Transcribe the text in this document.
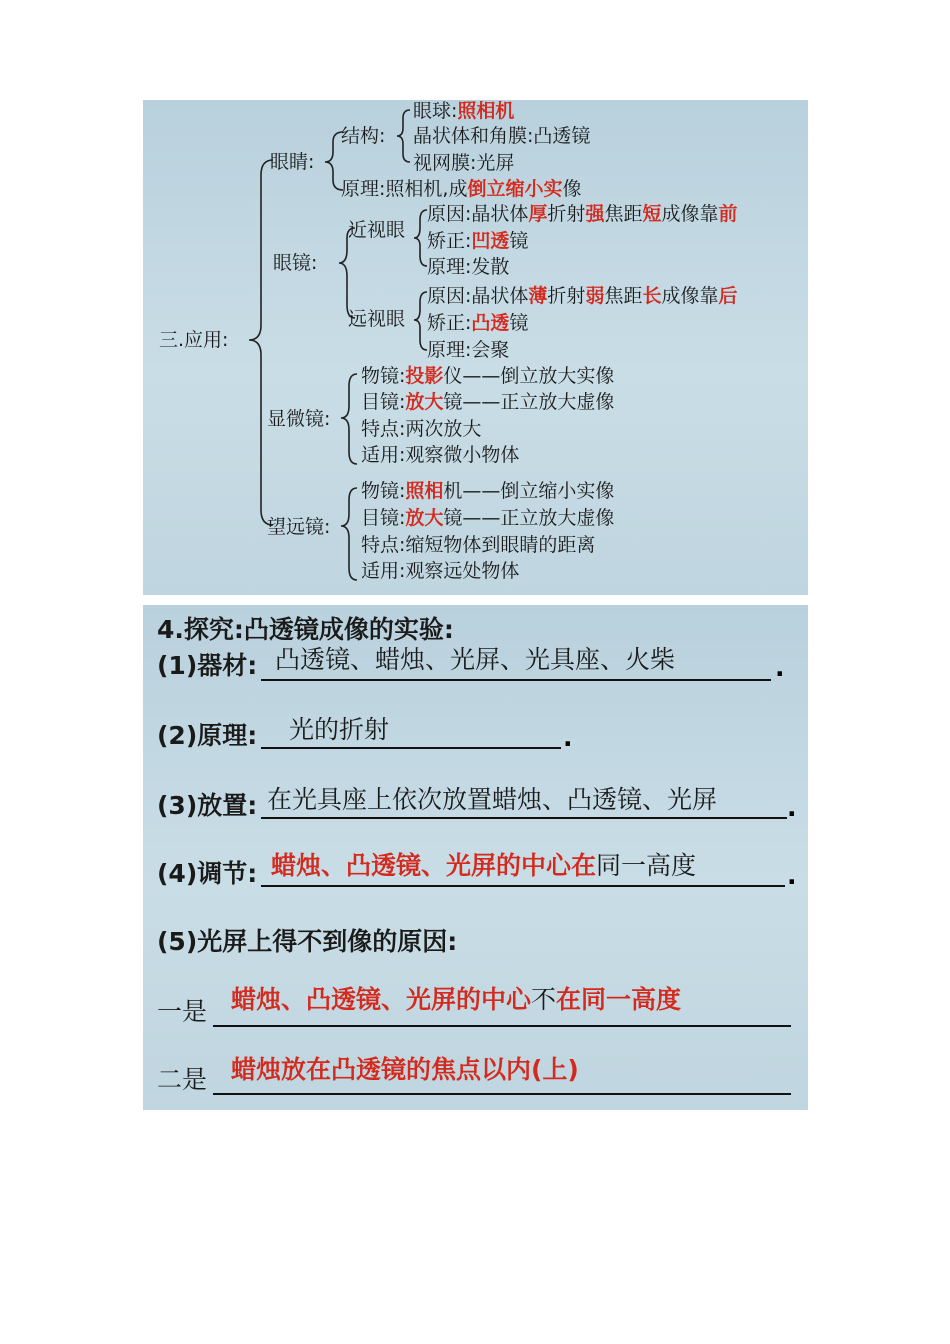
三.应用:
眼睛:
结构:
眼球:照相机
晶状体和角膜:凸透镜
视网膜:光屏
原理:照相机,成倒立缩小实像
眼镜:
近视眼
原因:晶状体厚折射强焦距短成像靠前
矫正:凹透镜
原理:发散
远视眼
原因:晶状体薄折射弱焦距长成像靠后
矫正:凸透镜
原理:会聚
显微镜:
物镜:投影仪——倒立放大实像
目镜:放大镜——正立放大虚像
特点:两次放大
适用:观察微小物体
望远镜:
物镜:照相机——倒立缩小实像
目镜:放大镜——正立放大虚像
特点:缩短物体到眼睛的距离
适用:观察远处物体
4.探究:凸透镜成像的实验:
(1)器材: 凸透镜、蜡烛、光屏、光具座、火柴	.
(2)原理: 光的折射	.
(3)放置: 在光具座上依次放置蜡烛、凸透镜、光屏	.
(4)调节: 蜡烛、凸透镜、光屏的中心在同一高度	.
(5)光屏上得不到像的原因:
一是 蜡烛、凸透镜、光屏的中心不在同一高度
二是 蜡烛放在凸透镜的焦点以内(上)
